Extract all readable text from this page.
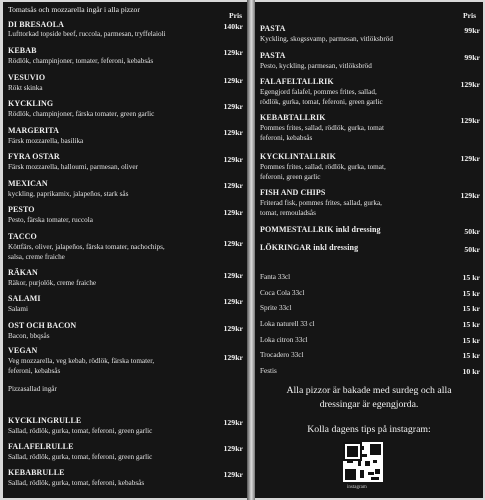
Tomatsås och mozzarella ingår i alla pizzor
Pris
DI BRESAOLA
Lufttorkad topside beef, ruccola, parmesan, tryffelaioli
140kr
KEBAB
Rödlök, champinjoner, tomater, feferoni, kebabsås
129kr
VESUVIO
Rökt skinka
129kr
KYCKLING
Rödlök, champinjoner, färska tomater, green garlic
129kr
MARGERITA
Färsk mozzarella, basilika
129kr
FYRA OSTAR
Färsk mozzarella, halloumi, parmesan, oliver
129kr
MEXICAN
kyckling, paprikamix, jalapeños, stark sås
129kr
PESTO
Pesto, färska tomater, ruccola
129kr
TACCO
Köttfärs, oliver, jalapeños, färska tomater, nachochips,
salsa, creme fraiche
129kr
RÄKAN
Räkor, purjolök, creme fraiche
129kr
SALAMI
Salami
129kr
OST OCH BACON
Bacon, bbqsås
129kr
VEGAN
Veg mozzarella, veg kebab, rödlök, färska tomater,
feferoni, kebabsås
129kr
Pizzasallad ingår
KYCKLINGRULLE
Sallad, rödlök, gurka, tomat, feferoni, green garlic
129kr
FALAFELRULLE
Sallad, rödlök, gurka, tomat, feferoni, green garlic
129kr
KEBABRULLE
Sallad, rödlök, gurka, tomat, feferoni, kebabsås
129kr
Pris
PASTA
Kyckling, skogssvamp, parmesan, vitlöksbröd
99kr
PASTA
Pesto, kyckling, parmesan, vitlöksbröd
99kr
FALAFELTALLRIK
Egengjord falafel, pommes frites, sallad,
rödlök, gurka, tomat, feferoni, green garlic
129kr
KEBABTALLRIK
Pommes frites, sallad, rödlök, gurka, tomat
feferoni, kebabsås
129kr
KYCKLINTALLRIK
Pommes frites, sallad, rödlök, gurka, tomat,
feferoni, green garlic
129kr
FISH AND CHIPS
Friterad fisk, pommes frites, sallad, gurka,
tomat, remouladsås
129kr
POMMESTALLRIK inkl dressing	50kr
LÖKRINGAR inkl dressing	50kr
Fanta 33cl	15 kr
Coca Cola 33cl	15 kr
Sprite 33cl	15 kr
Loka naturell 33 cl	15 kr
Loka citron 33cl	15 kr
Trocadero 33cl	15 kr
Festis	10 kr
Alla pizzor är bakade med surdeg och alla
dressingar är egengjorda.
Kolla dagens tips på instagram:
instagram
